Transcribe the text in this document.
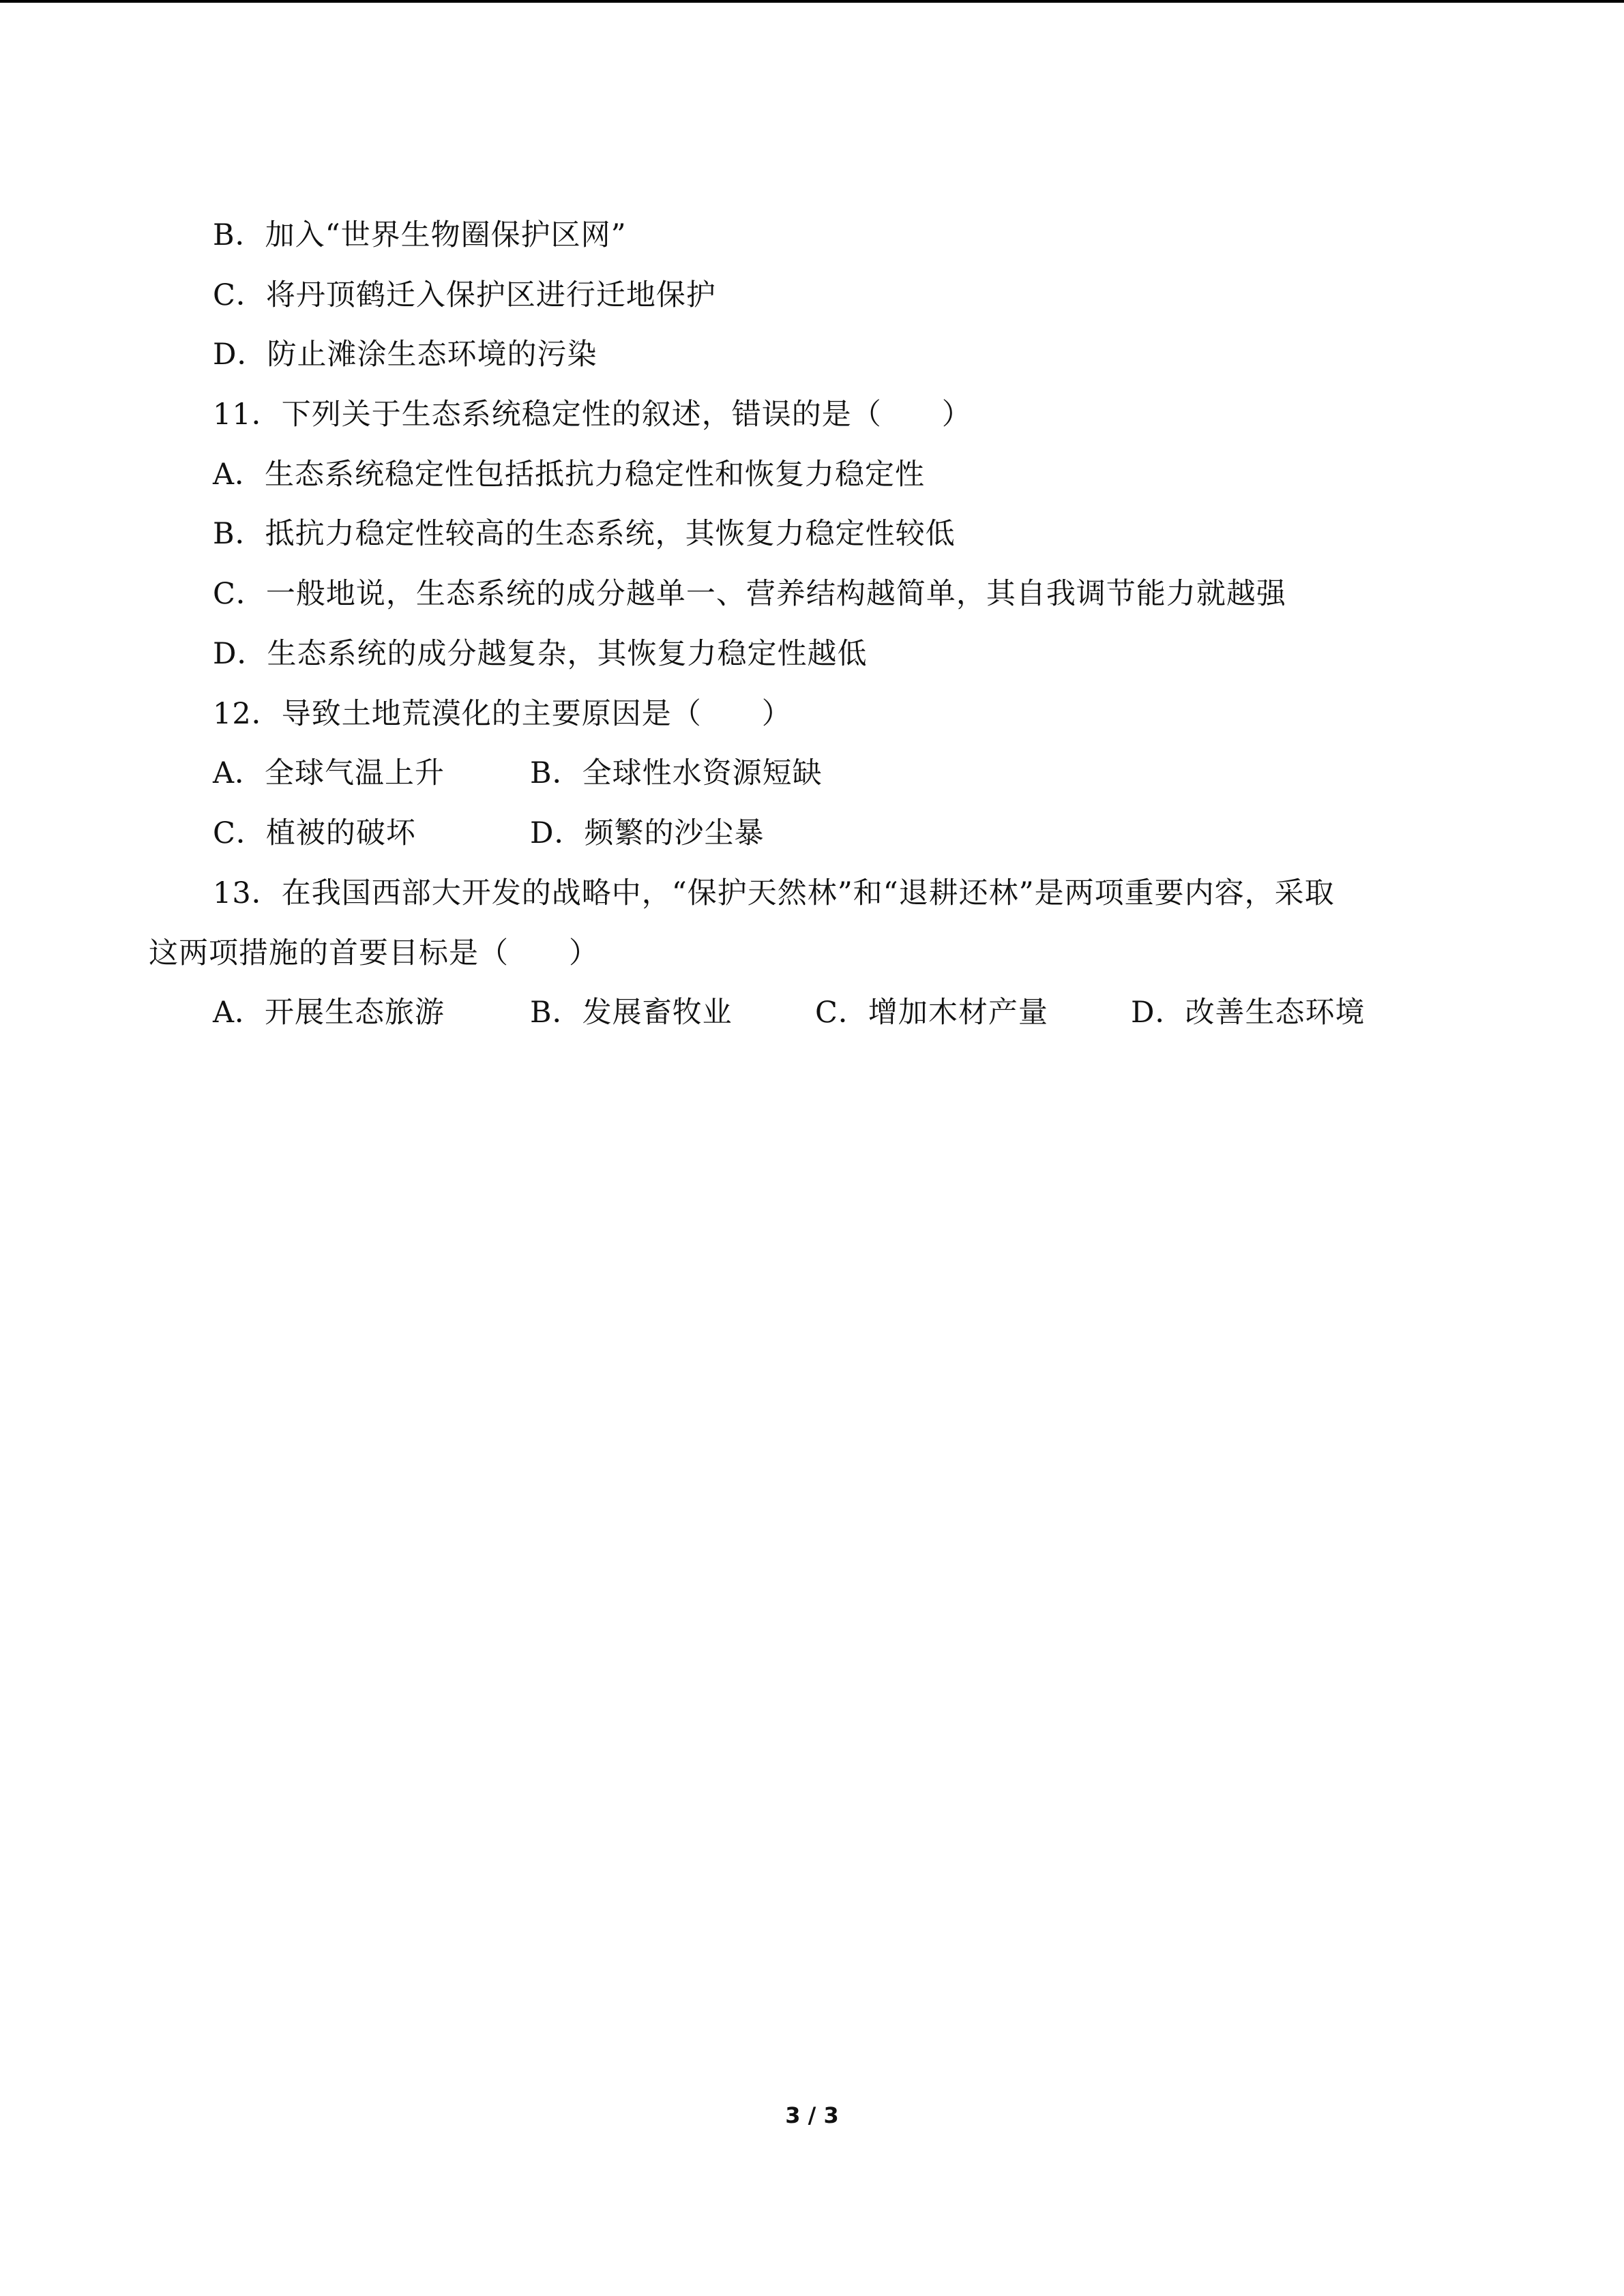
B．加入“世界生物圈保护区网”
C．将丹顶鹤迁入保护区进行迁地保护
D．防止滩涂生态环境的污染
11．下列关于生态系统稳定性的叙述，错误的是（　　）
A．生态系统稳定性包括抵抗力稳定性和恢复力稳定性
B．抵抗力稳定性较高的生态系统，其恢复力稳定性较低
C．一般地说，生态系统的成分越单一、营养结构越简单，其自我调节能力就越强
D．生态系统的成分越复杂，其恢复力稳定性越低
12．导致土地荒漠化的主要原因是（　　）
A．全球气温上升	B．全球性水资源短缺
C．植被的破坏	D．频繁的沙尘暴
13．在我国西部大开发的战略中，“保护天然林”和“退耕还林”是两项重要内容，采取
这两项措施的首要目标是（　　）
A．开展生态旅游	B．发展畜牧业	C．增加木材产量	D．改善生态环境
3 / 3
